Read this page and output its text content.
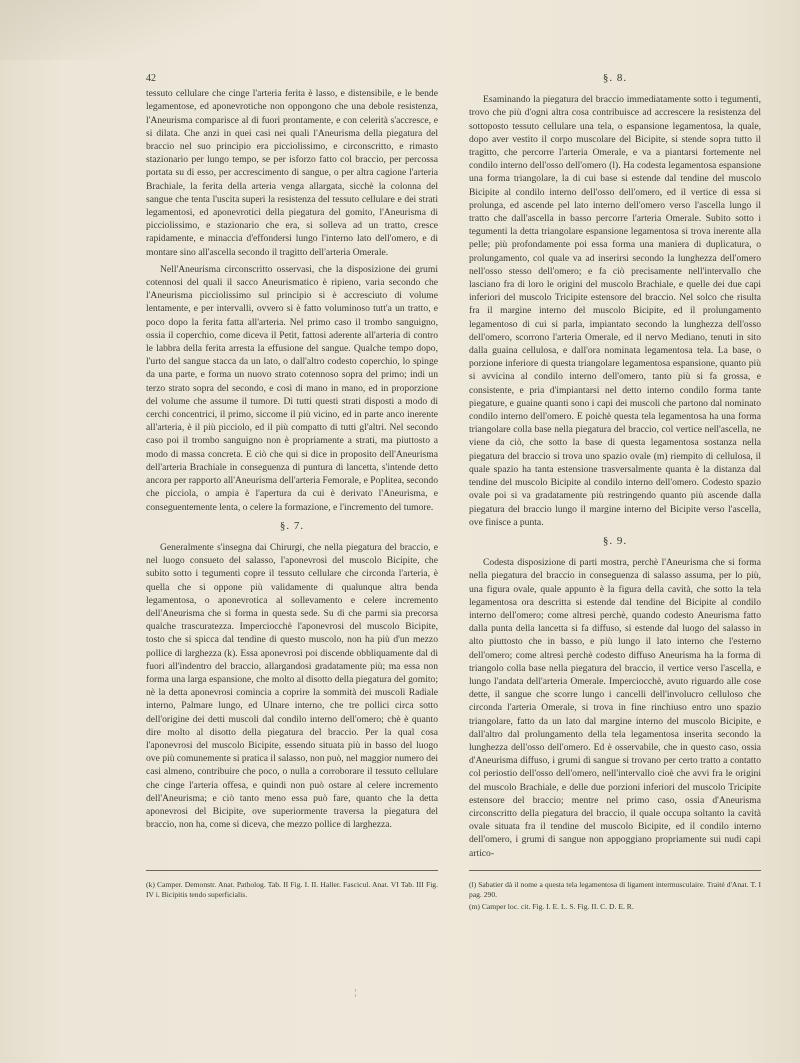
42

tessuto cellulare che cinge l'arteria ferita è lasso, e distensibile, e le bende legamentose, ed aponevrotiche non oppongono che una debole resistenza, l'Aneurisma comparisce al di fuori prontamente, e con celerità s'accresce, e si dilata. Che anzi in quei casi nei quali l'Aneurisma della piegatura del braccio nel suo principio era picciolissimo, e circonscritto, e rimasto stazionario per lungo tempo, se per isforzo fatto col braccio, per percossa portata su di esso, per accrescimento di sangue, o per altra cagione l'arteria Brachiale, la ferita della arteria venga allargata, sicchè la colonna del sangue che tenta l'uscita superi la resistenza del tessuto cellulare e dei strati legamentosi, ed aponevrotici della piegatura del gomito, l'Aneurisma di picciolissimo, e stazionario che era, si solleva ad un tratto, cresce rapidamente, e minaccia d'effondersi lungo l'interno lato dell'omero, e di montare sino all'ascella secondo il tragitto dell'arteria Omerale.

Nell'Aneurisma circonscritto osservasi, che la disposizione dei grumi cotennosi del quali il sacco Aneurismatico è ripieno, varia secondo che l'Aneurisma picciolissimo sul principio si è accresciuto di volume lentamente, e per intervalli, ovvero si è fatto voluminoso tutt'a un tratto, e poco dopo la ferita fatta all'arteria. Nel primo caso il trombo sanguigno, ossia il coperchio, come diceva il Petit, fattosi aderente all'arteria di contro le labbra della ferita arresta la effusione del sangue. Qualche tempo dopo, l'urto del sangue stacca da un lato, o dall'altro codesto coperchio, lo spinge da una parte, e forma un nuovo strato cotennoso sopra del primo; indi un terzo strato sopra del secondo, e così di mano in mano, ed in proporzione del volume che assume il tumore. Di tutti questi strati disposti a modo di cerchi concentrici, il primo, siccome il più vicino, ed in parte anco inerente all'arteria, è il più picciolo, ed il più compatto di tutti gl'altri. Nel secondo caso poi il trombo sanguigno non è propriamente a strati, ma piuttosto a modo di massa concreta. E ciò che qui si dice in proposito dell'Aneurisma dell'arteria Brachiale in conseguenza di puntura di lancetta, s'intende detto ancora per rapporto all'Aneurisma dell'arteria Femorale, e Poplitea, secondo che picciola, o ampia è l'apertura da cui è derivato l'Aneurisma, e conseguentemente lenta, o celere la formazione, e l'incremento del tumore.

§. 7.

Generalmente s'insegna dai Chirurgi, che nella piegatura del braccio, e nel luogo consueto del salasso, l'aponevrosi del muscolo Bicipite, che subito sotto i tegumenti copre il tessuto cellulare che circonda l'arteria, è quella che si oppone più validamente di qualunque altra benda legamentosa, o aponevrotica al sollevamento e celere incremento dell'Aneurisma che si forma in questa sede. Su di che parmi sia precorsa qualche trascuratezza. Imperciocchè l'aponevrosi del muscolo Bicipite, tosto che si spicca dal tendine di questo muscolo, non ha più d'un mezzo pollice di larghezza (k). Essa aponevrosi poi discende obbliquamente dal di fuori all'indentro del braccio, allargandosi gradatamente più; ma essa non forma una larga espansione, che molto al disotto della piegatura del gomito; nè la detta aponevrosi comincia a coprire la sommità dei muscoli Radiale interno, Palmare lungo, ed Ulnare interno, che tre pollici circa sotto dell'origine dei detti muscoli dal condilo interno dell'omero; chè è quanto dire molto al disotto della piegatura del braccio. Per la qual cosa l'aponevrosi del muscolo Bicipite, essendo situata più in basso del luogo ove più comunemente si pratica il salasso, non può, nel maggior numero dei casi almeno, contribuire che poco, o nulla a corroborare il tessuto cellulare che cinge l'arteria offesa, e quindi non può ostare al celere incremento dell'Aneurisma; e ciò tanto meno essa può fare, quanto che la detta aponevrosi del Bicipite, ove superiormente traversa la piegatura del braccio, non ha, come si diceva, che mezzo pollice di larghezza.

§. 8.

Esaminando la piegatura del braccio immediatamente sotto i tegumenti, trovo che più d'ogni altra cosa contribuisce ad accrescere la resistenza del sottoposto tessuto cellulare una tela, o espansione legamentosa, la quale, dopo aver vestito il corpo muscolare del Bicipite, si stende sopra tutto il tragitto, che percorre l'arteria Omerale, e va a piantarsi fortemente nel condilo interno dell'osso dell'omero (l). Ha codesta legamentosa espansione una forma triangolare, la di cui base si estende dal tendine del muscolo Bicipite al condilo interno dell'osso dell'omero, ed il vertice di essa si prolunga, ed ascende pel lato interno dell'omero verso l'ascella lungo il tratto che dall'ascella in basso percorre l'arteria Omerale. Subito sotto i tegumenti la detta triangolare espansione legamentosa si trova inerente alla pelle; più profondamente poi essa forma una maniera di duplicatura, o prolungamento, col quale va ad inserirsi secondo la lunghezza dell'omero nell'osso stesso dell'omero; e fa ciò precisamente nell'intervallo che lasciano fra di loro le origini del muscolo Brachiale, e quelle dei due capi inferiori del muscolo Tricipite estensore del braccio. Nel solco che risulta fra il margine interno del muscolo Bicipite, ed il prolungamento legamentoso di cui si parla, impiantato secondo la lunghezza dell'osso dell'omero, scorrono l'arteria Omerale, ed il nervo Mediano, tenuti in sito dalla guaina cellulosa, e dall'ora nominata legamentosa tela. La base, o porzione inferiore di questa triangolare legamentosa espansione, quanto più si avvicina al condilo interno dell'omero, tanto più si fa grossa, e consistente, e pria d'impiantarsi nel detto interno condilo forma tante piegature, e guaine quanti sono i capi dei muscoli che partono dal nominato condilo interno dell'omero. E poichè questa tela legamentosa ha una forma triangolare colla base nella piegatura del braccio, col vertice nell'ascella, ne viene da ciò, che sotto la base di questa legamentosa sostanza nella piegatura del braccio si trova uno spazio ovale (m) riempito di cellulosa, il quale spazio ha tanta estensione trasversalmente quanta è la distanza dal tendine del muscolo Bicipite al condilo interno dell'omero. Codesto spazio ovale poi si va gradatamente più restringendo quanto più ascende dalla piegatura del braccio lungo il margine interno del Bicipite verso l'ascella, ove finisce a punta.

§. 9.

Codesta disposizione di parti mostra, perchè l'Aneurisma che si forma nella piegatura del braccio in conseguenza di salasso assuma, per lo più, una figura ovale, quale appunto è la figura della cavità, che sotto la tela legamentosa ora descritta si estende dal tendine del Bicipite al condilo interno dell'omero; come altresì perchè, quando codesto Aneurisma fatto dalla punta della lancetta si fa diffuso, si estende dal luogo del salasso in alto piuttosto che in basso, e più lungo il lato interno che l'esterno dell'omero; come altresì perchè codesto diffuso Aneurisma ha la forma di triangolo colla base nella piegatura del braccio, il vertice verso l'ascella, e lungo l'andata dell'arteria Omerale. Imperciocchè, avuto riguardo alle cose dette, il sangue che scorre lungo i cancelli dell'involucro celluloso che circonda l'arteria Omerale, si trova in fine rinchiuso entro uno spazio triangolare, fatto da un lato dal margine interno del muscolo Bicipite, e dall'altro dal prolungamento della tela legamentosa inserita secondo la lunghezza dell'osso dell'omero. Ed è osservabile, che in questo caso, ossia d'Aneurisma diffuso, i grumi di sangue si trovano per certo tratto a contatto col periostio dell'osso dell'omero, nell'intervallo cioè che avvi fra le origini del muscolo Brachiale, e delle due porzioni inferiori del muscolo Tricipite estensore del braccio; mentre nel primo caso, ossia d'Aneurisma circonscritto della piegatura del braccio, il quale occupa soltanto la cavità ovale situata fra il tendine del muscolo Bicipite, ed il condilo interno dell'omero, i grumi di sangue non appoggiano propriamente sui nudi capi artico-

(k) Camper. Demonstr. Anat. Patholog. Tab. II Fig. I. II. Haller. Fascicul. Anat. VI Tab. III Fig. IV i. Bicipitis tendo superficialis.
(l) Sabatier dà il nome a questa tela legamentosa di ligament intermusculaire. Traité d'Anat. T. I pag. 290.
(m) Camper loc. cit. Fig. I. E. L. S. Fig. II. C. D. E. R.
¦
